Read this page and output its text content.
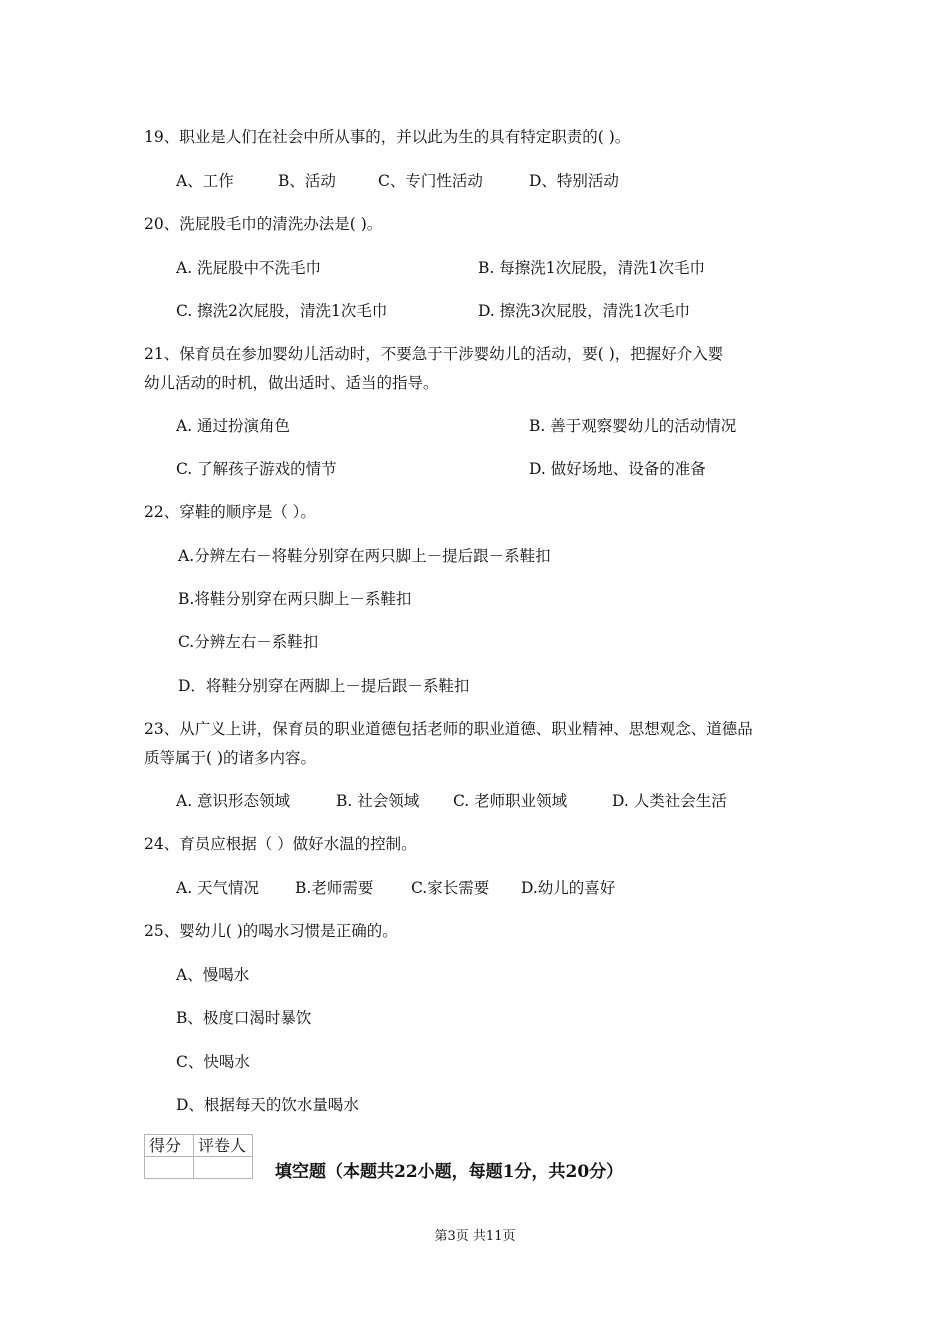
19、职业是人们在社会中所从事的，并以此为生的具有特定职责的( )。
A、工作	B、活动	C、专门性活动	D、特别活动
20、洗屁股毛巾的清洗办法是( )。
A. 洗屁股中不洗毛巾	B. 每擦洗1次屁股，清洗1次毛巾
C. 擦洗2次屁股，清洗1次毛巾	D. 擦洗3次屁股，清洗1次毛巾
21、保育员在参加婴幼儿活动时，不要急于干涉婴幼儿的活动，要( )，把握好介入婴
幼儿活动的时机，做出适时、适当的指导。
A. 通过扮演角色	B. 善于观察婴幼儿的活动情况
C. 了解孩子游戏的情节	D. 做好场地、设备的准备
22、穿鞋的顺序是（ ）。
A.分辨左右－将鞋分别穿在两只脚上－提后跟－系鞋扣
B.将鞋分别穿在两只脚上－系鞋扣
C.分辨左右－系鞋扣
D．将鞋分别穿在两脚上－提后跟－系鞋扣
23、从广义上讲，保育员的职业道德包括老师的职业道德、职业精神、思想观念、道德品
质等属于( )的诸多内容。
A. 意识形态领域	B. 社会领域 C. 老师职业领域	D. 人类社会生活
24、育员应根据（ ）做好水温的控制。
A. 天气情况 B.老师需要 C.家长需要 D.幼儿的喜好
25、婴幼儿( )的喝水习惯是正确的。
A、慢喝水
B、极度口渴时暴饮
C、快喝水
D、根据每天的饮水量喝水
得分	评卷人

填空题（本题共22小题，每题1分，共20分）
第3页 共11页
